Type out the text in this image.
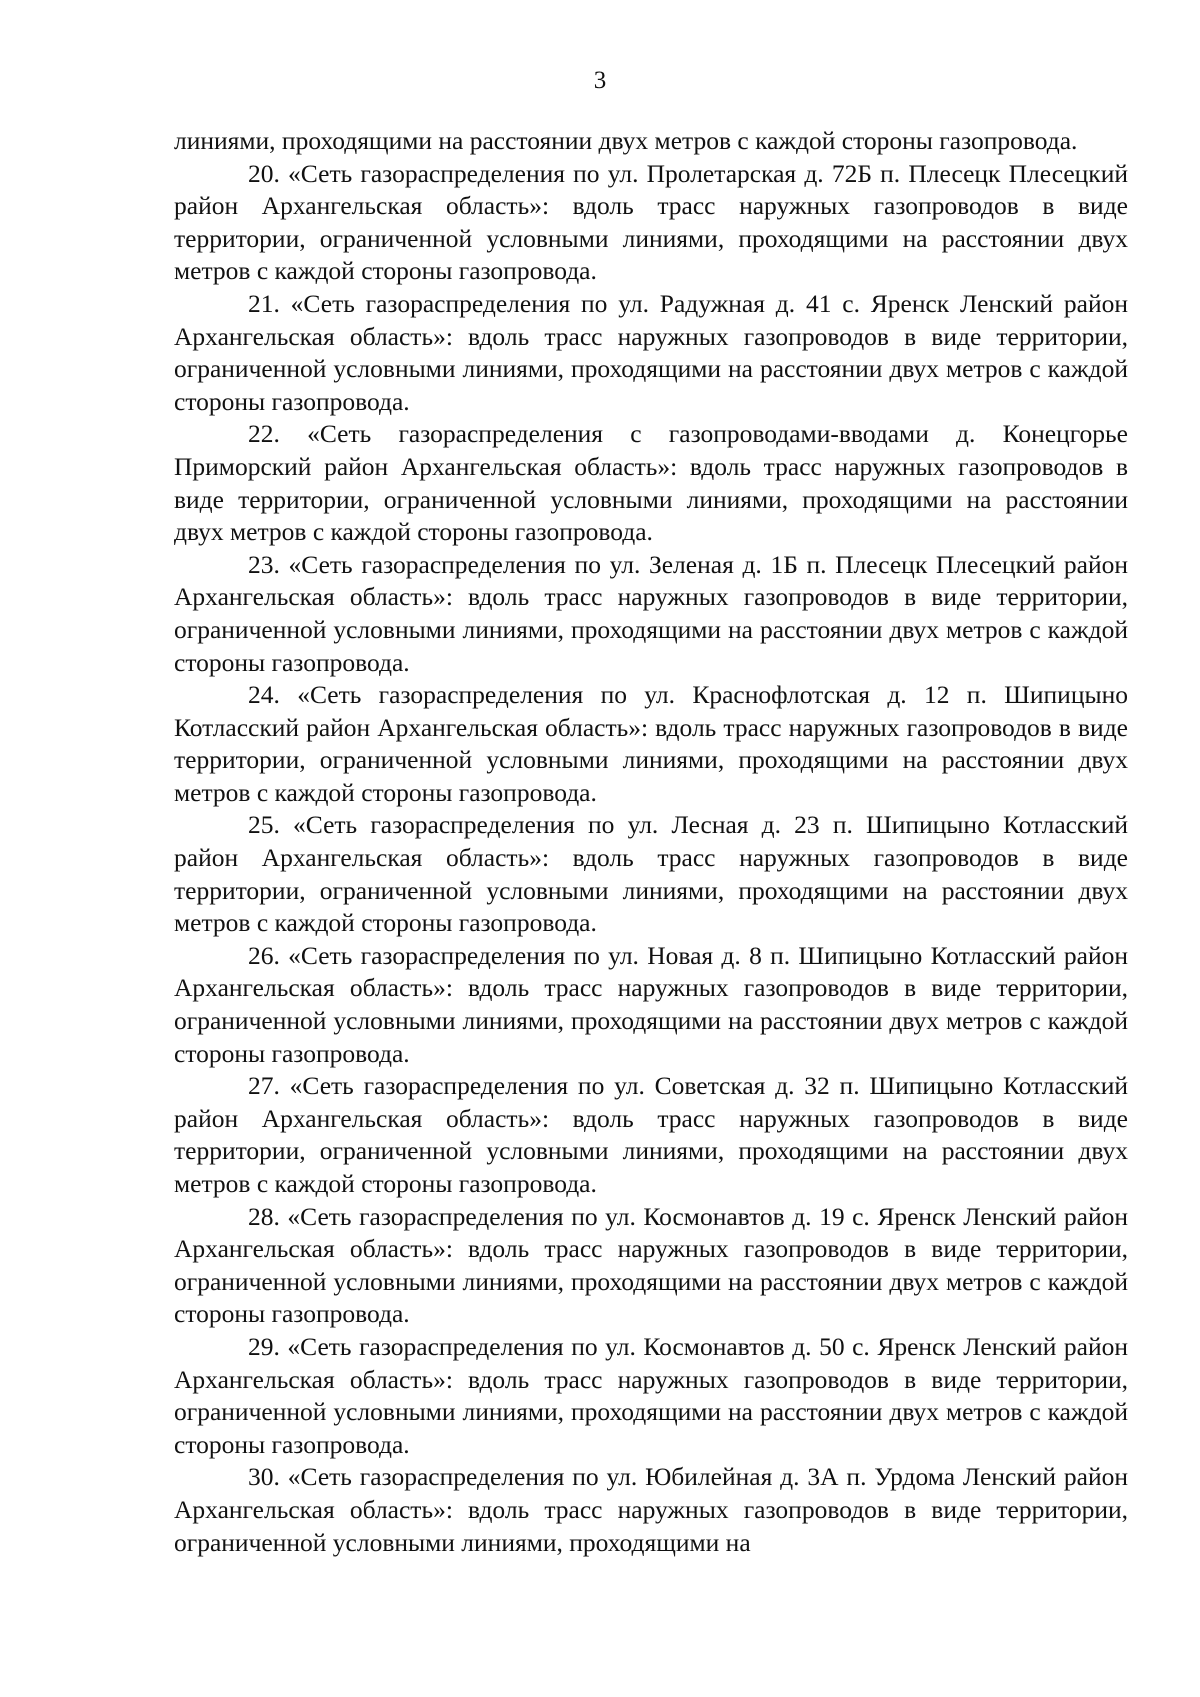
3

линиями, проходящими на расстоянии двух метров с каждой стороны газопровода.

20. «Сеть газораспределения по ул. Пролетарская д. 72Б п. Плесецк Плесецкий район Архангельская область»: вдоль трасс наружных газопроводов в виде территории, ограниченной условными линиями, проходящими на расстоянии двух метров с каждой стороны газопровода.

21. «Сеть газораспределения по ул. Радужная д. 41 с. Яренск Ленский район Архангельская область»: вдоль трасс наружных газопроводов в виде территории, ограниченной условными линиями, проходящими на расстоянии двух метров с каждой стороны газопровода.

22. «Сеть газораспределения с газопроводами-вводами д. Конецгорье Приморский район Архангельская область»: вдоль трасс наружных газопроводов в виде территории, ограниченной условными линиями, проходящими на расстоянии двух метров с каждой стороны газопровода.

23. «Сеть газораспределения по ул. Зеленая д. 1Б п. Плесецк Плесецкий район Архангельская область»: вдоль трасс наружных газопроводов в виде территории, ограниченной условными линиями, проходящими на расстоянии двух метров с каждой стороны газопровода.

24. «Сеть газораспределения по ул. Краснофлотская д. 12 п. Шипицыно Котласский район Архангельская область»: вдоль трасс наружных газопроводов в виде территории, ограниченной условными линиями, проходящими на расстоянии двух метров с каждой стороны газопровода.

25. «Сеть газораспределения по ул. Лесная д. 23 п. Шипицыно Котласский район Архангельская область»: вдоль трасс наружных газопроводов в виде территории, ограниченной условными линиями, проходящими на расстоянии двух метров с каждой стороны газопровода.

26. «Сеть газораспределения по ул. Новая д. 8 п. Шипицыно Котласский район Архангельская область»: вдоль трасс наружных газопроводов в виде территории, ограниченной условными линиями, проходящими на расстоянии двух метров с каждой стороны газопровода.

27. «Сеть газораспределения по ул. Советская д. 32 п. Шипицыно Котласский район Архангельская область»: вдоль трасс наружных газопроводов в виде территории, ограниченной условными линиями, проходящими на расстоянии двух метров с каждой стороны газопровода.

28. «Сеть газораспределения по ул. Космонавтов д. 19 с. Яренск Ленский район Архангельская область»: вдоль трасс наружных газопроводов в виде территории, ограниченной условными линиями, проходящими на расстоянии двух метров с каждой стороны газопровода.

29. «Сеть газораспределения по ул. Космонавтов д. 50 с. Яренск Ленский район Архангельская область»: вдоль трасс наружных газопроводов в виде территории, ограниченной условными линиями, проходящими на расстоянии двух метров с каждой стороны газопровода.

30. «Сеть газораспределения по ул. Юбилейная д. 3А п. Урдома Ленский район Архангельская область»: вдоль трасс наружных газопроводов в виде территории, ограниченной условными линиями, проходящими на
